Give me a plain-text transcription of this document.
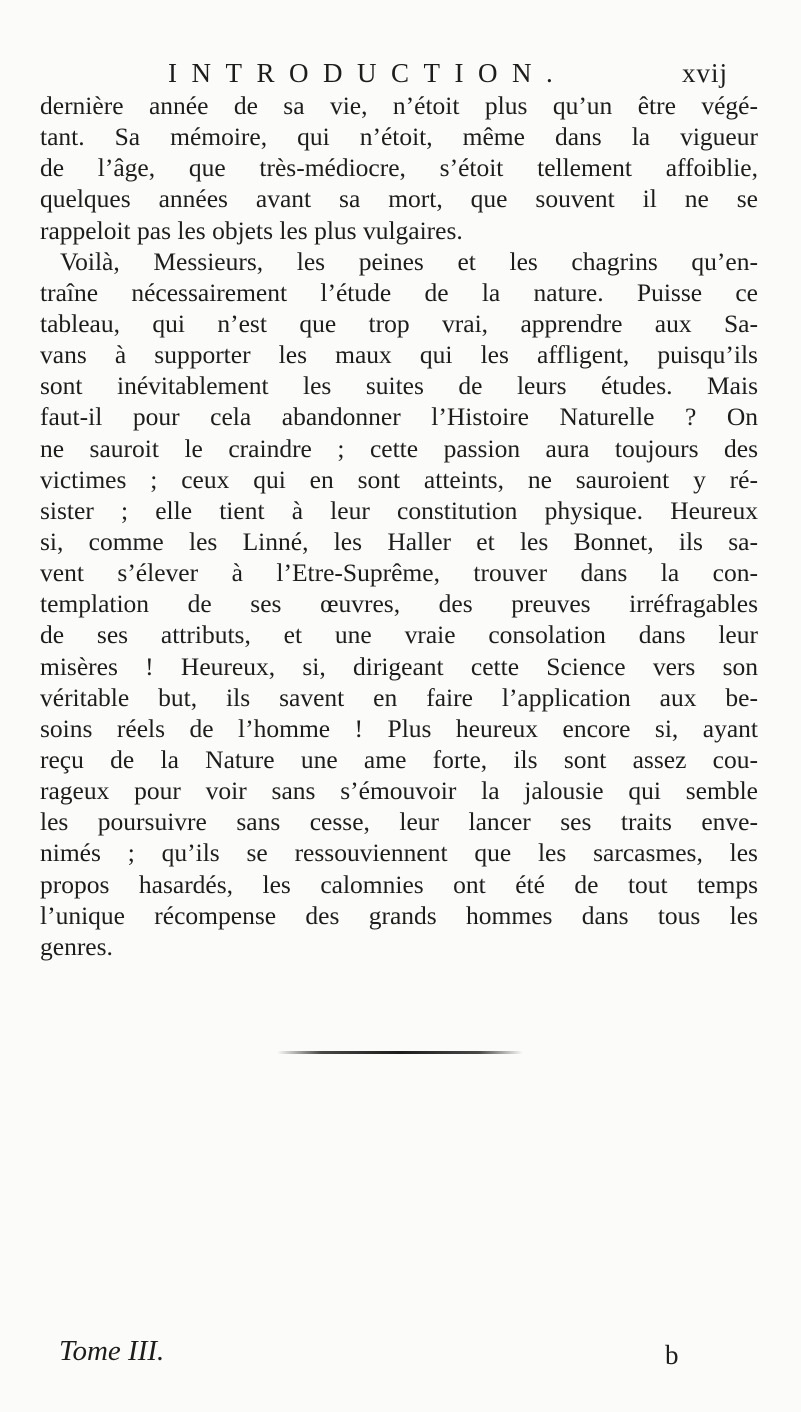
INTRODUCTION.	xvij
dernière année de sa vie, n’étoit plus qu’un être végé-
tant. Sa mémoire, qui n’étoit, même dans la vigueur
de l’âge, que très-médiocre, s’étoit tellement affoiblie,
quelques années avant sa mort, que souvent il ne se
rappeloit pas les objets les plus vulgaires.
Voilà, Messieurs, les peines et les chagrins qu’en-
traîne nécessairement l’étude de la nature. Puisse ce
tableau, qui n’est que trop vrai, apprendre aux Sa-
vans à supporter les maux qui les affligent, puisqu’ils
sont inévitablement les suites de leurs études. Mais
faut-il pour cela abandonner l’Histoire Naturelle ? On
ne sauroit le craindre ; cette passion aura toujours des
victimes ; ceux qui en sont atteints, ne sauroient y ré-
sister ; elle tient à leur constitution physique. Heureux
si, comme les Linné, les Haller et les Bonnet, ils sa-
vent s’élever à l’Etre-Suprême, trouver dans la con-
templation de ses œuvres, des preuves irréfragables
de ses attributs, et une vraie consolation dans leur
misères ! Heureux, si, dirigeant cette Science vers son
véritable but, ils savent en faire l’application aux be-
soins réels de l’homme ! Plus heureux encore si, ayant
reçu de la Nature une ame forte, ils sont assez cou-
rageux pour voir sans s’émouvoir la jalousie qui semble
les poursuivre sans cesse, leur lancer ses traits enve-
nimés ; qu’ils se ressouviennent que les sarcasmes, les
propos hasardés, les calomnies ont été de tout temps
l’unique récompense des grands hommes dans tous les
genres.
Tome III.	b
